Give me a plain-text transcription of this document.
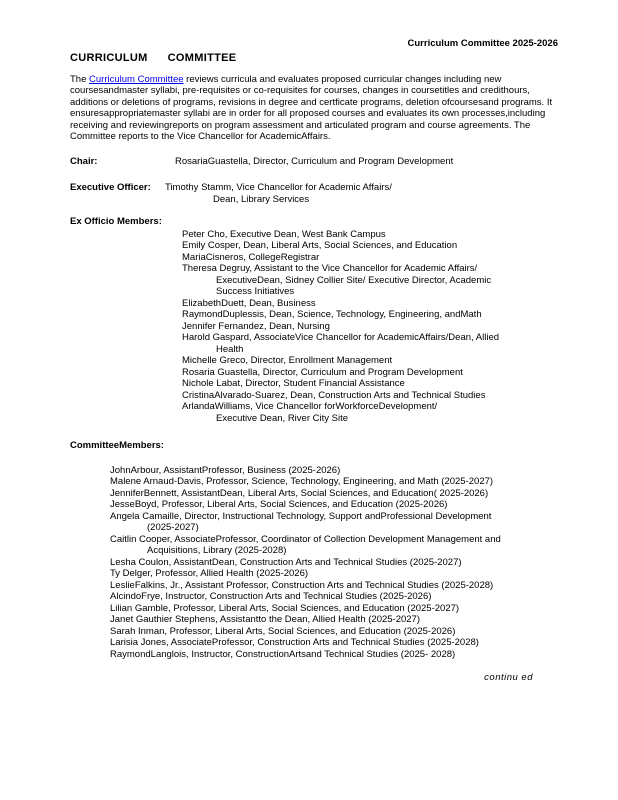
Curriculum Committee 2025-2026
CURRICULUM      COMMITTEE
The Curriculum Committee reviews curricula and evaluates proposed curricular changes including new coursesandmaster syllabi, pre-requisites or co-requisites for courses, changes in coursetitles and credithours, additions or deletions of programs, revisions in degree and certficate programs, deletion ofcoursesand programs. It ensuresappropriatemaster syllabi are in order for all proposed courses and evaluates its own processes,including receiving and reviewingreports on program assessment and articulated program and course agreements. The Committee reports to the Vice Chancellor for AcademicAffairs.
Chair:	RosariaGuastella, Director, Curriculum and Program Development
Executive Officer:	Timothy Stamm, Vice Chancellor for Academic Affairs/
Dean, Library Services
Ex Officio Members:
Peter Cho, Executive Dean, West Bank Campus
Emily Cosper, Dean, Liberal Arts, Social Sciences, and Education
MariaCisneros, CollegeRegistrar
Theresa Degruy, Assistant to the Vice Chancellor for Academic Affairs/
ExecutiveDean, Sidney Collier Site/ Executive Director, Academic
Success Initiatives
ElizabethDuett, Dean, Business
RaymondDuplessis, Dean, Science, Technology, Engineering, andMath
Jennifer Fernandez, Dean, Nursing
Harold Gaspard, AssociateVice Chancellor for AcademicAffairs/Dean, Allied
Health
Michelle Greco, Director, Enrollment Management
Rosaria Guastella, Director, Curriculum and Program Development
Nichole Labat, Director, Student Financial Assistance
CristinaAlvarado-Suarez, Dean, Construction Arts and Technical Studies
ArlandaWilliams, Vice Chancellor forWorkforceDevelopment/
Executive Dean, River City Site
CommitteeMembers:
JohnArbour, AssistantProfessor, Business (2025-2026)
Malene Arnaud-Davis, Professor, Science, Technology, Engineering, and Math (2025-2027)
JenniferBennett, AssistantDean, Liberal Arts, Social Sciences, and Education( 2025-2026)
JesseBoyd, Professor, Liberal Arts, Social Sciences, and Education (2025-2026)
Angela Camaille, Director, Instructional Technology, Support andProfessional Development
(2025-2027)
Caitlin Cooper, AssociateProfessor, Coordinator of Collection Development Management and
Acquisitions, Library (2025-2028)
Lesha Coulon, AssistantDean, Construction Arts and Technical Studies (2025-2027)
Ty Delger, Professor, Allied Health (2025-2026)
LeslieFalkins, Jr., Assistant Professor, Construction Arts and Technical Studies (2025-2028)
AlcindoFrye, Instructor, Construction Arts and Technical Studies (2025-2026)
Lilian Gamble, Professor, Liberal Arts, Social Sciences, and Education (2025-2027)
Janet Gauthier Stephens, Assistantto the Dean, Allied Health (2025-2027)
Sarah Inman, Professor, Liberal Arts, Social Sciences, and Education (2025-2026)
Larisia Jones, AssociateProfessor, Construction Arts and Technical Studies (2025-2028)
RaymondLanglois, Instructor, ConstructionArtsand Technical Studies (2025- 2028)
continu ed
